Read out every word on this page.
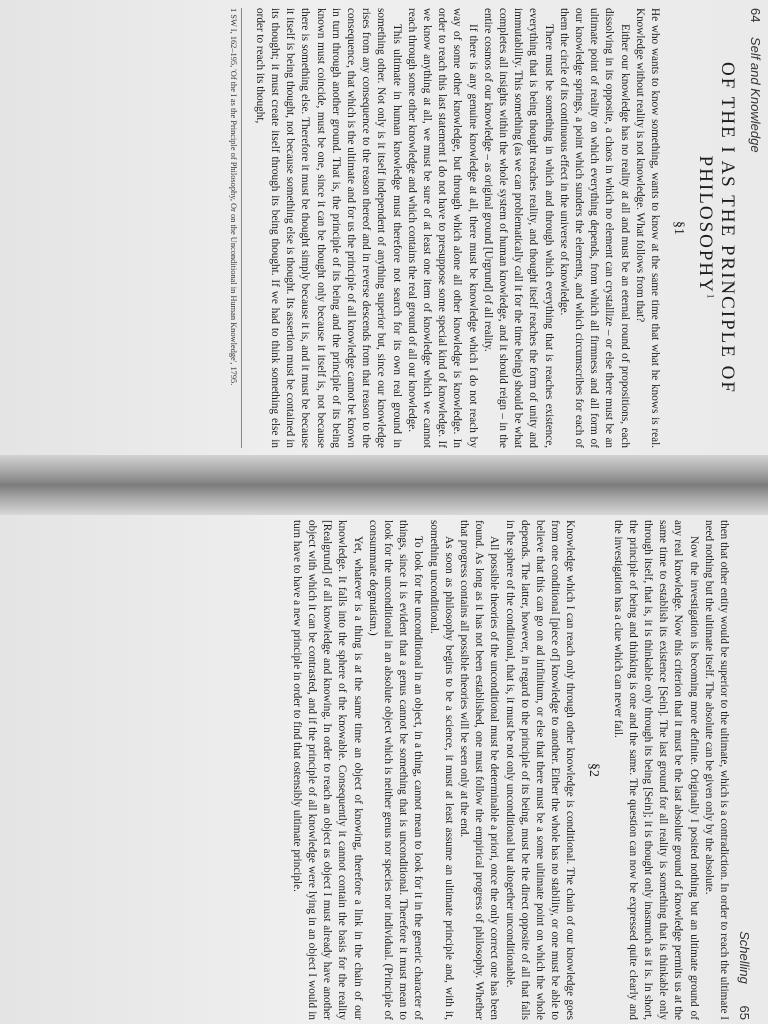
64    Self and Knowledge
OF THE I AS THE PRINCIPLE OF PHILOSOPHY$^1$
§1

He who wants to know something, wants to know at the same time that what he knows is real. Knowledge without reality is not knowledge. What follows from that?

Either our knowledge has no reality at all and must be an eternal round of propositions, each dissolving in its opposite, a chaos in which no element can crystallize – or else there must be an ultimate point of reality on which everything depends, from which all firmness and all form of our knowledge springs, a point which sunders the elements, and which circumscribes for each of them the circle of its continuous effect in the universe of knowledge.

There must be something in which and through which everything that is reaches existence, everything that is being thought reaches reality, and thought itself reaches the form of unity and immutability. This something (as we can problematically call it for the time being) should be what completes all insights within the whole system of human knowledge, and it should reign – in the entire cosmos of our knowledge – as original ground [Urgrund] of all reality.

If there is any genuine knowledge at all, there must be knowledge which I do not reach by way of some other knowledge, but through which alone all other knowledge is knowledge. In order to reach this last statement I do not have to presuppose some special kind of knowledge. If we know anything at all, we must be sure of at least one item of knowledge which we cannot reach through some other knowledge and which contains the real ground of all our knowledge.

This ultimate in human knowledge must therefore not search for its own real ground in something other. Not only is it itself independent of anything superior but, since our knowledge rises from any consequence to the reason thereof and in reverse descends from that reason to the consequence, that which is the ultimate and for us the principle of all knowledge cannot be known in turn through another ground. That is, the principle of its being and the principle of its being known must coincide, must be one, since it can be thought only because it itself is, not because there is something else. Therefore it must be thought simply because it is, and it must be because it itself is being thought, not because something else is thought. Its assertion must be contained in its thought; it must create itself through its being thought. If we had to think something else in order to reach its thought,

1 SW I, 162–195, 'Of the I as the Principle of Philosophy, Or on the Unconditional in Human Knowledge', 1795.
Schelling      65

then that other entity would be superior to the ultimate, which is a contradiction. In order to reach the ultimate I need nothing but the ultimate itself. The absolute can be given only by the absolute.

Now the investigation is becoming more definite. Originally I posited nothing but an ultimate ground of any real knowledge. Now this criterion that it must be the last absolute ground of knowledge permits us at the same time to establish its existence [Sein]. The last ground for all reality is something that is thinkable only through itself, that is, it is thinkable only through its being [Sein]; it is thought only inasmuch as it is. In short, the principle of being and thinking is one and the same. The question can now be expressed quite clearly and the investigation has a clue which can never fail.

§2

Knowledge which I can reach only through other knowledge is conditional. The chain of our knowledge goes from one conditional [piece of] knowledge to another. Either the whole has no stability, or one must be able to believe that this can go on ad infinitum, or else that there must be a some ultimate point on which the whole depends. The latter, however, in regard to the principle of its being, must be the direct opposite of all that falls in the sphere of the conditional, that is, it must be not only unconditional but altogether unconditionable.

All possible theories of the unconditional must be determinable a priori, once the only correct one has been found. As long as it has not been established, one must follow the empirical progress of philosophy. Whether that progress contains all possible theories will be seen only at the end.

As soon as philosophy begins to be a science, it must at least assume an ultimate principle and, with it, something unconditional.

To look for the unconditional in an object, in a thing, cannot mean to look for it in the generic character of things, since it is evident that a genus cannot be something that is unconditional. Therefore it must mean to look for the unconditional in an absolute object which is neither genus nor species nor individual. (Principle of consummate dogmatism.)

Yet, whatever is a thing is at the same time an object of knowing, therefore a link in the chain of our knowledge. It falls into the sphere of the knowable. Consequently it cannot contain the basis for the reality [Realgrund] of all knowledge and knowing. In order to reach an object as object I must already have another object with which it can be contrasted, and if the principle of all knowledge were lying in an object I would in turn have to have a new principle in order to find that ostensibly ultimate principle.
